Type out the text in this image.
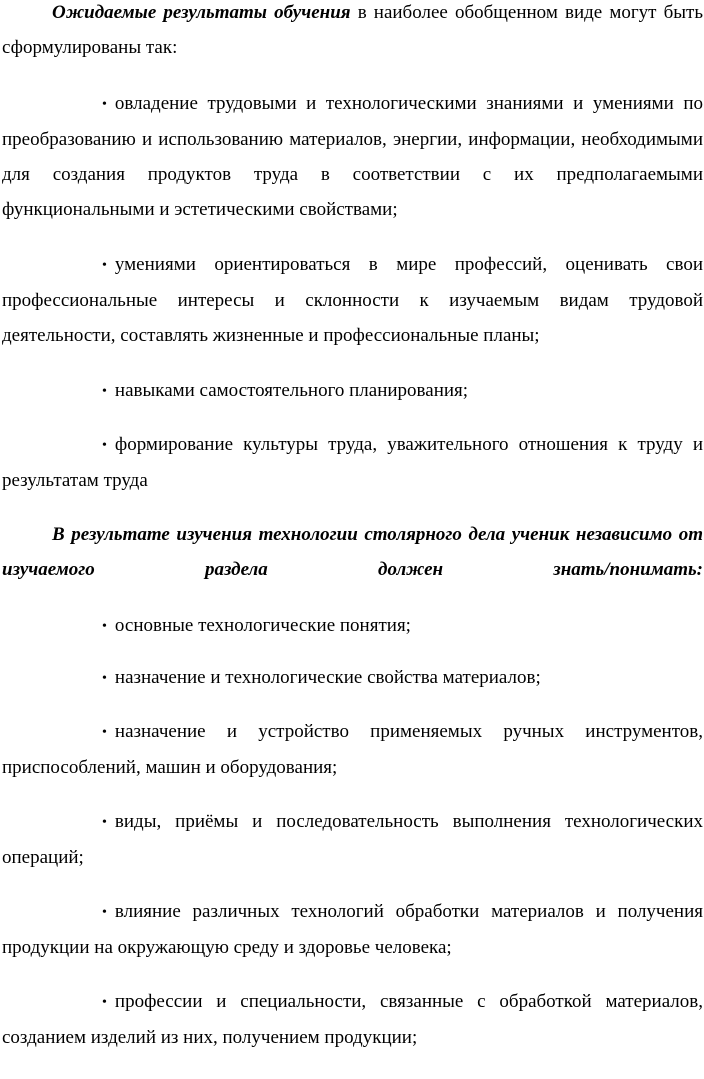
Ожидаемые результаты обучения в наиболее обобщенном виде могут быть сформулированы так:

• овладение трудовыми и технологическими знаниями и умениями по преобразованию и использованию материалов, энергии, информации, необходимыми для создания продуктов труда в соответствии с их предполагаемыми функциональными и эстетическими свойствами;

• умениями ориентироваться в мире профессий, оценивать свои профессиональные интересы и склонности к изучаемым видам трудовой деятельности, составлять жизненные и профессиональные планы;

• навыками самостоятельного планирования;

• формирование культуры труда, уважительного отношения к труду и результатам труда

В результате изучения технологии столярного дела ученик независимо от изучаемого раздела должен знать/понимать:

• основные технологические понятия;

• назначение и технологические свойства материалов;

• назначение и устройство применяемых ручных инструментов, приспособлений, машин и оборудования;

• виды, приёмы и последовательность выполнения технологических операций;

• влияние различных технологий обработки материалов и получения продукции на окружающую среду и здоровье человека;

• профессии и специальности, связанные с обработкой материалов, созданием изделий из них, получением продукции;
